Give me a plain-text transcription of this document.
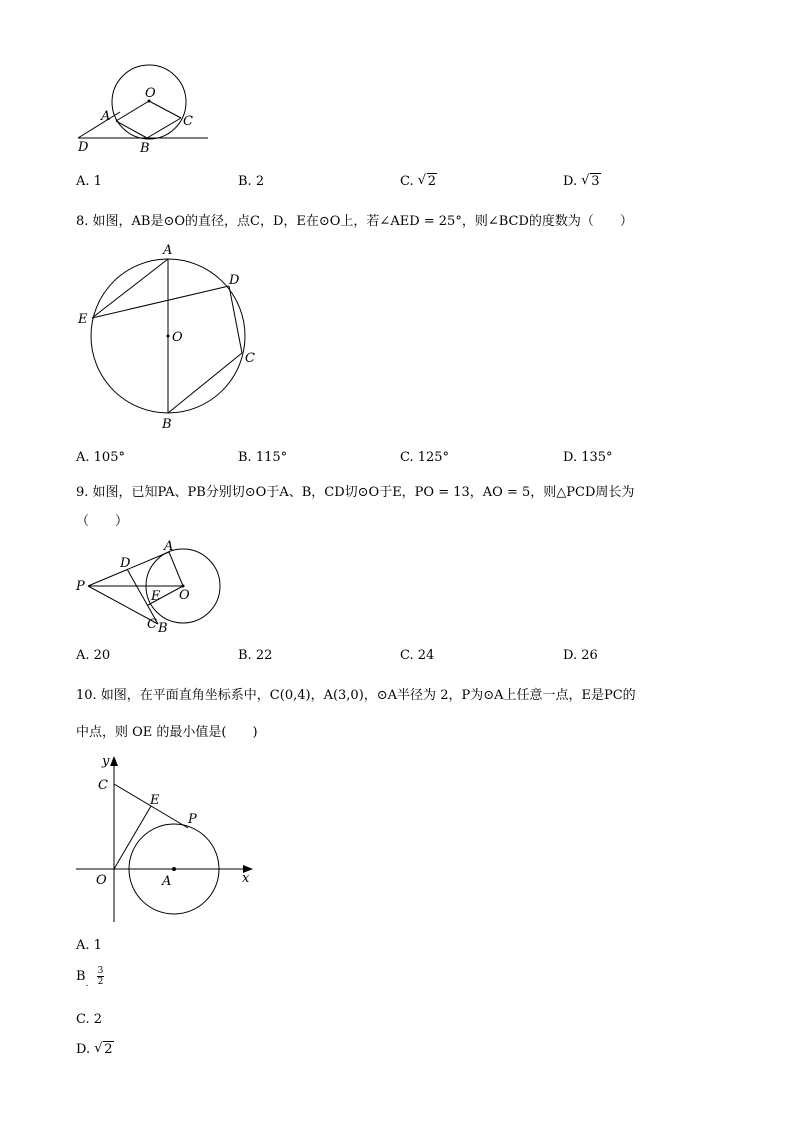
O
A	C
D	B
A. 1	B. 2	C. √ 2	D. √ 3
8. 如图，AB是⊙O的直径，点C，D，E在⊙O上，若∠AED = 25°，则∠BCD的度数为（　　）
A
D
E
O
C
B
A. 105°	B. 115°	C. 125°	D. 135°
9. 如图，已知PA、PB分别切⊙O于A、B，CD切⊙O于E，PO = 13，AO = 5，则△PCD周长为
（　　）
A
D
P
E O
C B
A. 20	B. 22	C. 24	D. 26
10. 如图，在平面直角坐标系中，C(0,4)，A(3,0)，⊙A半径为 2，P为⊙A上任意一点，E是PC的
中点，则 OE 的最小值是(　　)
y
C
E
P
O	A	x
A. 1
$B_. \frac{3}{2}$
C. 2
D. √ 2
